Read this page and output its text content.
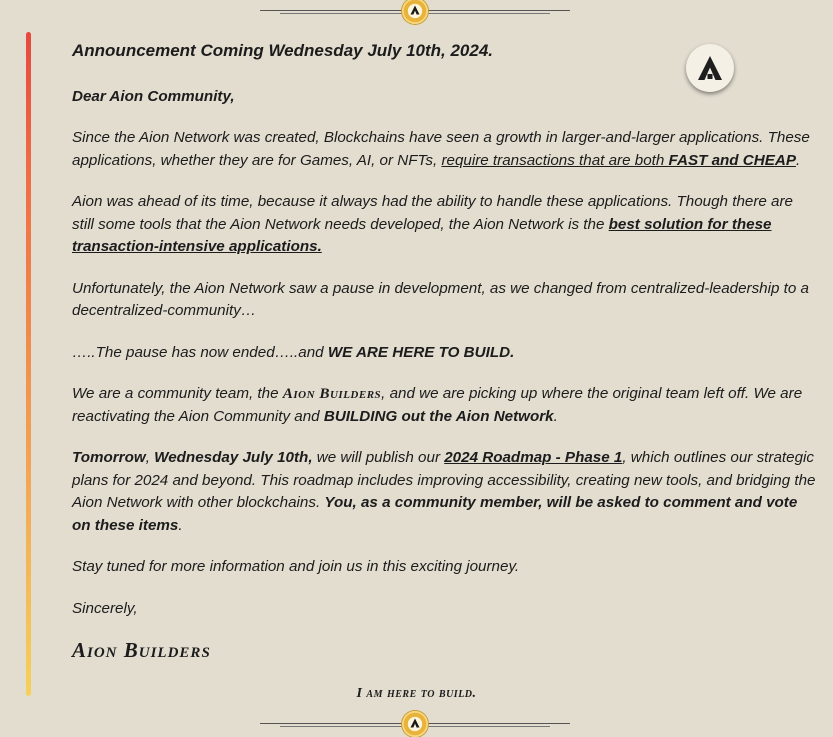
Announcement Coming Wednesday July 10th, 2024.

Dear Aion Community,

Since the Aion Network was created, Blockchains have seen a growth in larger-and-larger applications. These applications, whether they are for Games, AI, or NFTs, require transactions that are both FAST and CHEAP.

Aion was ahead of its time, because it always had the ability to handle these applications. Though there are still some tools that the Aion Network needs developed, the Aion Network is the best solution for these transaction-intensive applications.

Unfortunately, the Aion Network saw a pause in development, as we changed from centralized-leadership to a decentralized-community…

…..The pause has now ended…..and WE ARE HERE TO BUILD.

We are a community team, the Aion Builders, and we are picking up where the original team left off. We are reactivating the Aion Community and BUILDING out the Aion Network.

Tomorrow, Wednesday July 10th, we will publish our 2024 Roadmap - Phase 1, which outlines our strategic plans for 2024 and beyond. This roadmap includes improving accessibility, creating new tools, and bridging the Aion Network with other blockchains. You, as a community member, will be asked to comment and vote on these items.

Stay tuned for more information and join us in this exciting journey.

Sincerely,

Aion Builders

I am here to build.
